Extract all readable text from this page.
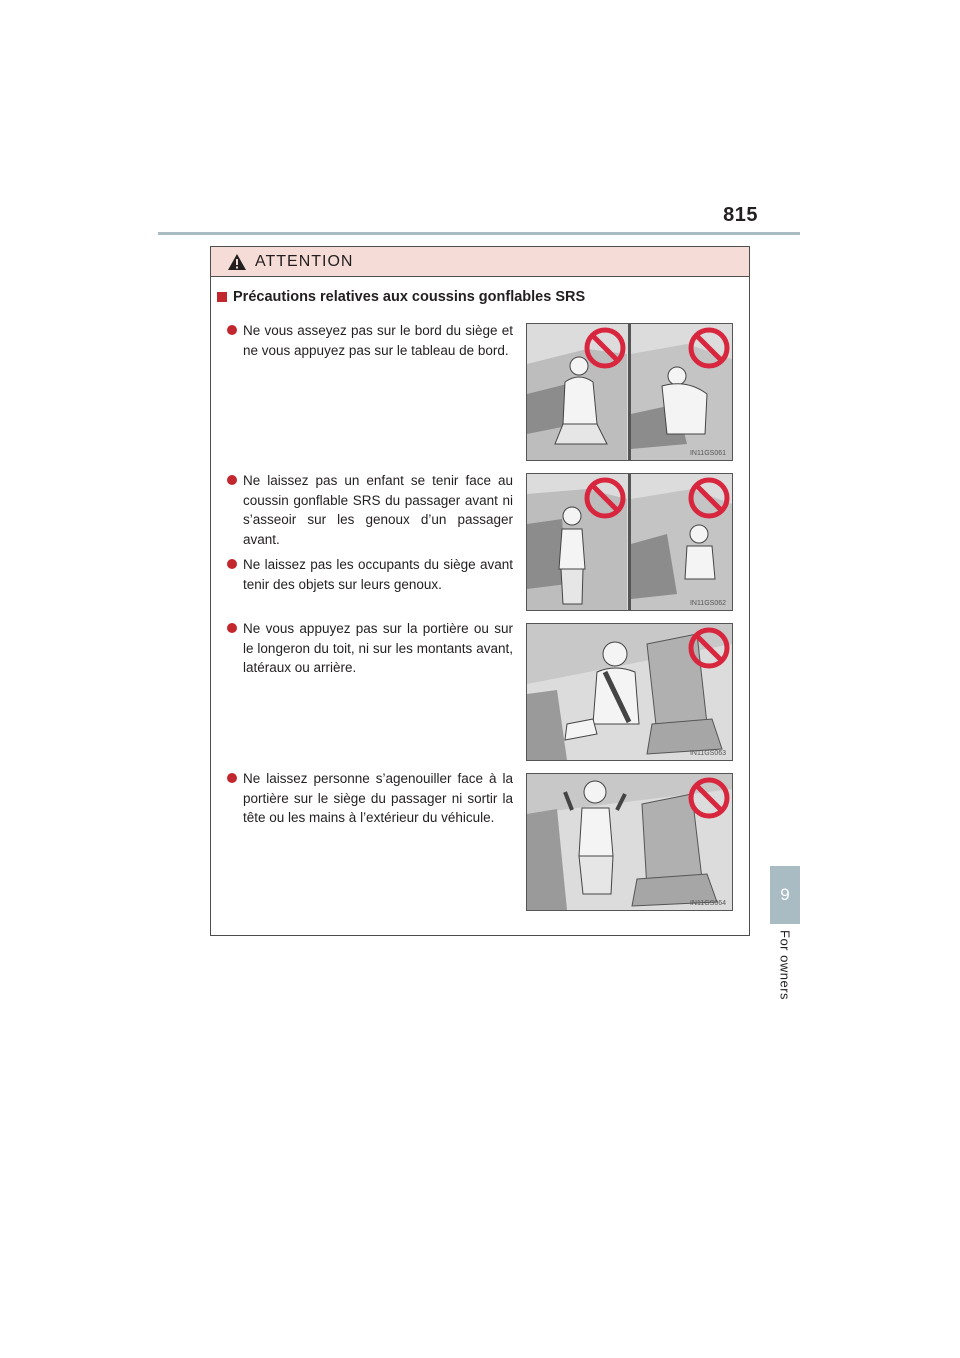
815
9
For owners
ATTENTION
Précautions relatives aux coussins gonflables SRS
Ne vous asseyez pas sur le bord du siège et ne vous appuyez pas sur le tableau de bord.
Ne laissez pas un enfant se tenir face au coussin gonflable SRS du passager avant ni s’asseoir sur les genoux d’un passager avant.
Ne laissez pas les occupants du siège avant tenir des objets sur leurs genoux.
Ne vous appuyez pas sur la portière ou sur le longeron du toit, ni sur les montants avant, latéraux ou arrière.
Ne laissez personne s’agenouiller face à la portière sur le siège du passager ni sortir la tête ou les mains à l’extérieur du véhicule.
IN11GS061
IN11GS062
IN11GS063
IN11GS064
